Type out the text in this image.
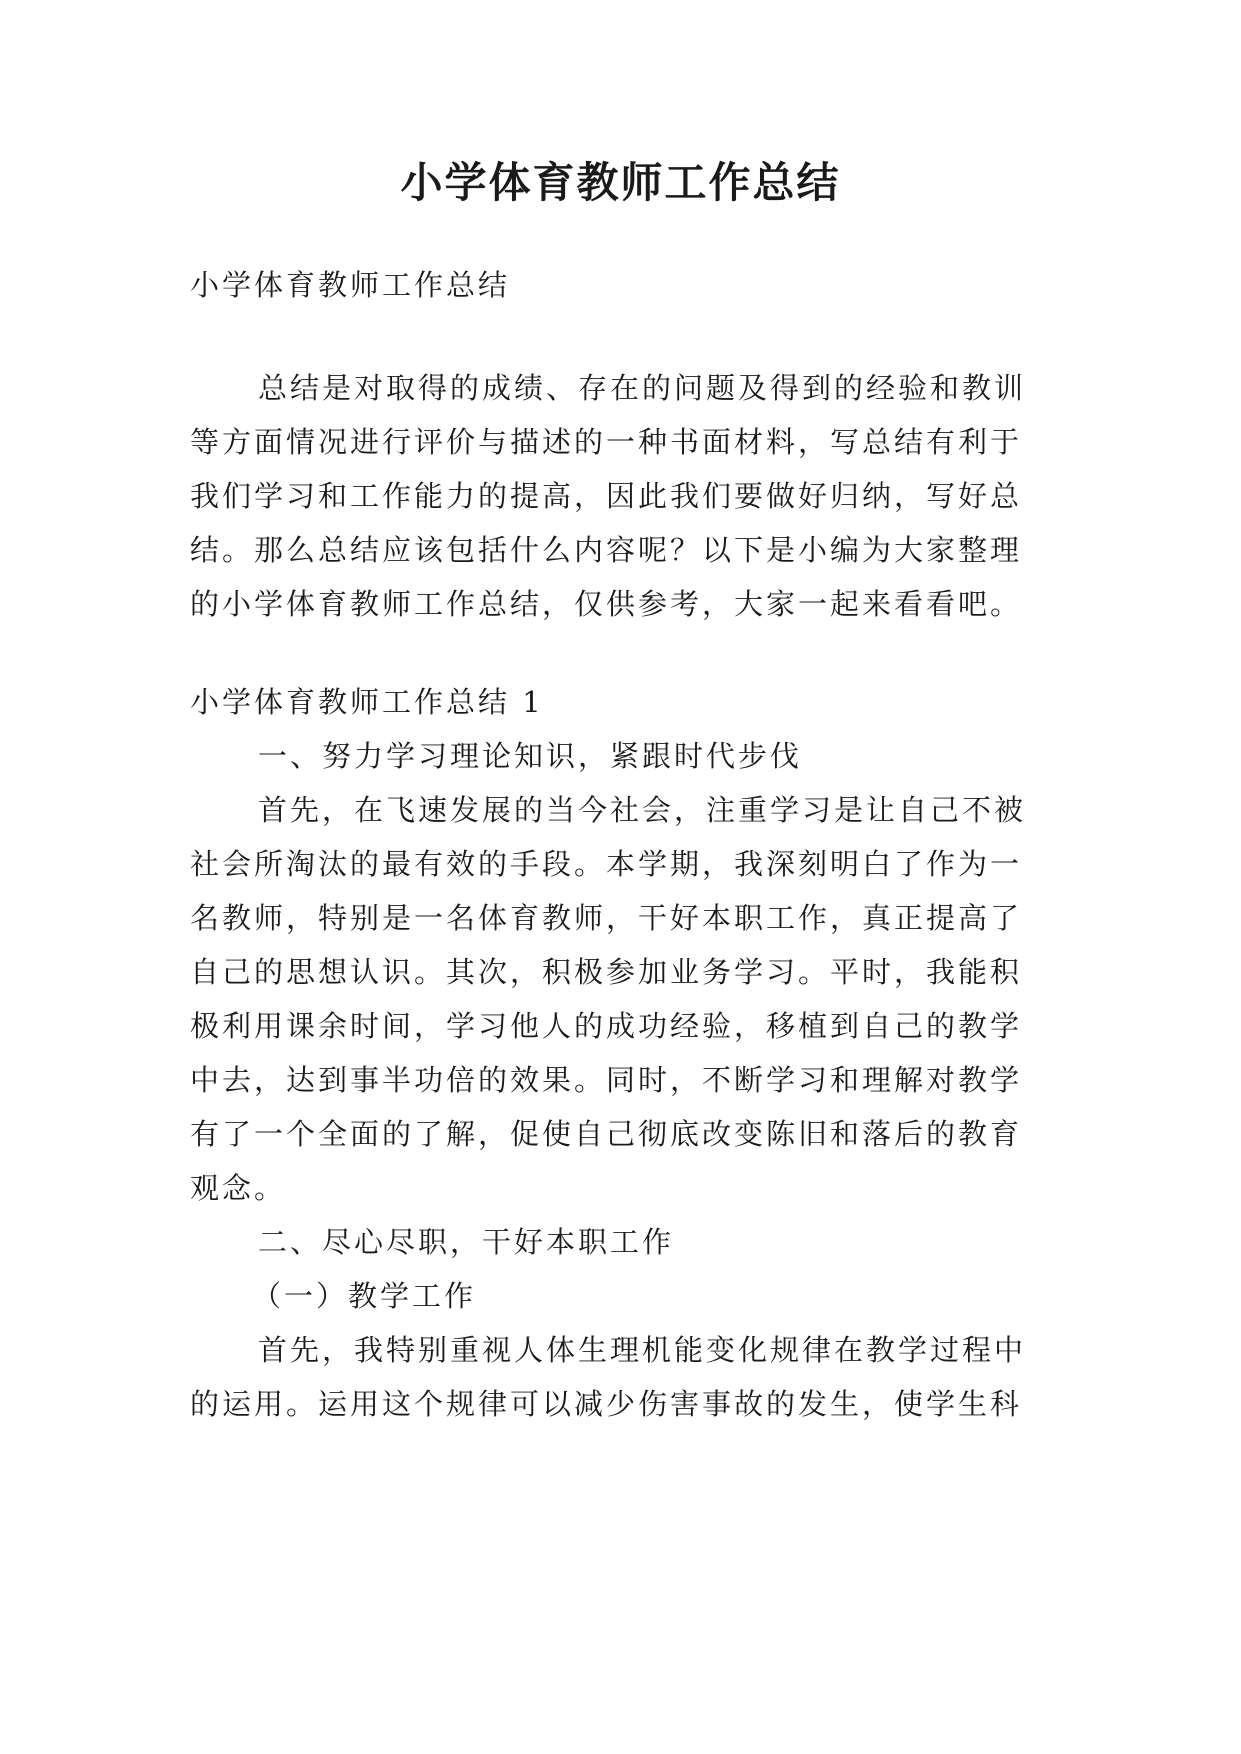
小学体育教师工作总结

小学体育教师工作总结

总结是对取得的成绩、存在的问题及得到的经验和教训

等方面情况进行评价与描述的一种书面材料，写总结有利于

我们学习和工作能力的提高，因此我们要做好归纳，写好总

结。那么总结应该包括什么内容呢？以下是小编为大家整理

的小学体育教师工作总结，仅供参考，大家一起来看看吧。

小学体育教师工作总结 1

一、努力学习理论知识，紧跟时代步伐

首先，在飞速发展的当今社会，注重学习是让自己不被

社会所淘汰的最有效的手段。本学期，我深刻明白了作为一

名教师，特别是一名体育教师，干好本职工作，真正提高了

自己的思想认识。其次，积极参加业务学习。平时，我能积

极利用课余时间，学习他人的成功经验，移植到自己的教学

中去，达到事半功倍的效果。同时，不断学习和理解对教学

有了一个全面的了解，促使自己彻底改变陈旧和落后的教育

观念。

二、尽心尽职，干好本职工作

（一）教学工作

首先，我特别重视人体生理机能变化规律在教学过程中

的运用。运用这个规律可以减少伤害事故的发生，使学生科
